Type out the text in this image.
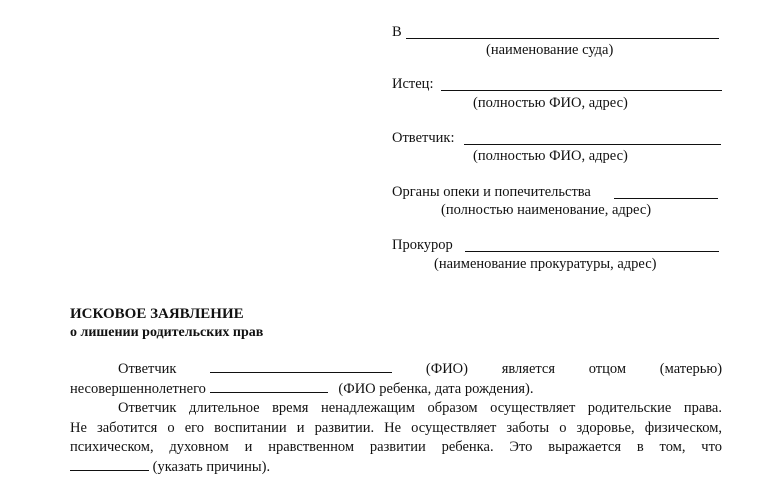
В
(наименование суда)
Истец:
(полностью ФИО, адрес)
Ответчик:
(полностью ФИО, адрес)
Органы опеки и попечительства
(полностью наименование, адрес)
Прокурор
(наименование прокуратуры, адрес)
ИСКОВОЕ ЗАЯВЛЕНИЕ
о лишении родительских прав
Ответчик	(ФИО) является отцом (матерью)
несовершеннолетнего	(ФИО ребенка, дата рождения).
Ответчик длительное время ненадлежащим образом осуществляет родительские права.
Не заботится о его воспитании и развитии. Не осуществляет заботы о здоровье, физическом,
психическом, духовном и нравственном развитии ребенка. Это выражается в том, что
(указать причины).
